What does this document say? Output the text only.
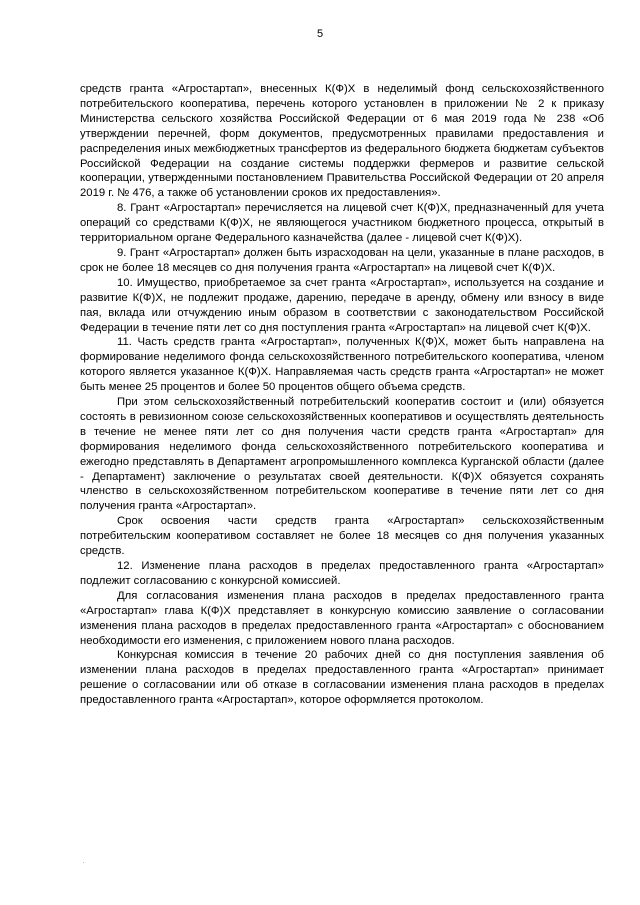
5

средств гранта «Агростартап», внесенных К(Ф)Х в неделимый фонд сельскохозяйственного потребительского кооператива, перечень которого установлен в приложении № 2 к приказу Министерства сельского хозяйства Российской Федерации от 6 мая 2019 года № 238 «Об утверждении перечней, форм документов, предусмотренных правилами предоставления и распределения иных межбюджетных трансфертов из федерального бюджета бюджетам субъектов Российской Федерации на создание системы поддержки фермеров и развитие сельской кооперации, утвержденными постановлением Правительства Российской Федерации от 20 апреля 2019 г. № 476, а также об установлении сроков их предоставления».

8. Грант «Агростартап» перечисляется на лицевой счет К(Ф)Х, предназначенный для учета операций со средствами К(Ф)Х, не являющегося участником бюджетного процесса, открытый в территориальном органе Федерального казначейства (далее - лицевой счет К(Ф)Х).

9. Грант «Агростартап» должен быть израсходован на цели, указанные в плане расходов, в срок не более 18 месяцев со дня получения гранта «Агростартап» на лицевой счет К(Ф)Х.

10. Имущество, приобретаемое за счет гранта «Агростартап», используется на создание и развитие К(Ф)Х, не подлежит продаже, дарению, передаче в аренду, обмену или взносу в виде пая, вклада или отчуждению иным образом в соответствии с законодательством Российской Федерации в течение пяти лет со дня поступления гранта «Агростартап» на лицевой счет К(Ф)Х.

11. Часть средств гранта «Агростартап», полученных К(Ф)Х, может быть направлена на формирование неделимого фонда сельскохозяйственного потребительского кооператива, членом которого является указанное К(Ф)Х. Направляемая часть средств гранта «Агростартап» не может быть менее 25 процентов и более 50 процентов общего объема средств.

При этом сельскохозяйственный потребительский кооператив состоит и (или) обязуется состоять в ревизионном союзе сельскохозяйственных кооперативов и осуществлять деятельность в течение не менее пяти лет со дня получения части средств гранта «Агростартап» для формирования неделимого фонда сельскохозяйственного потребительского кооператива и ежегодно представлять в Департамент агропромышленного комплекса Курганской области (далее - Департамент) заключение о результатах своей деятельности. К(Ф)Х обязуется сохранять членство в сельскохозяйственном потребительском кооперативе в течение пяти лет со дня получения гранта «Агростартап».

Срок освоения части средств гранта «Агростартап» сельскохозяйственным потребительским кооперативом составляет не более 18 месяцев со дня получения указанных средств.

12. Изменение плана расходов в пределах предоставленного гранта «Агростартап» подлежит согласованию с конкурсной комиссией.

Для согласования изменения плана расходов в пределах предоставленного гранта «Агростартап» глава К(Ф)Х представляет в конкурсную комиссию заявление о согласовании изменения плана расходов в пределах предоставленного гранта «Агростартап» с обоснованием необходимости его изменения, с приложением нового плана расходов.

Конкурсная комиссия в течение 20 рабочих дней со дня поступления заявления об изменении плана расходов в пределах предоставленного гранта «Агростартап» принимает решение о согласовании или об отказе в согласовании изменения плана расходов в пределах предоставленного гранта «Агростартап», которое оформляется протоколом.
